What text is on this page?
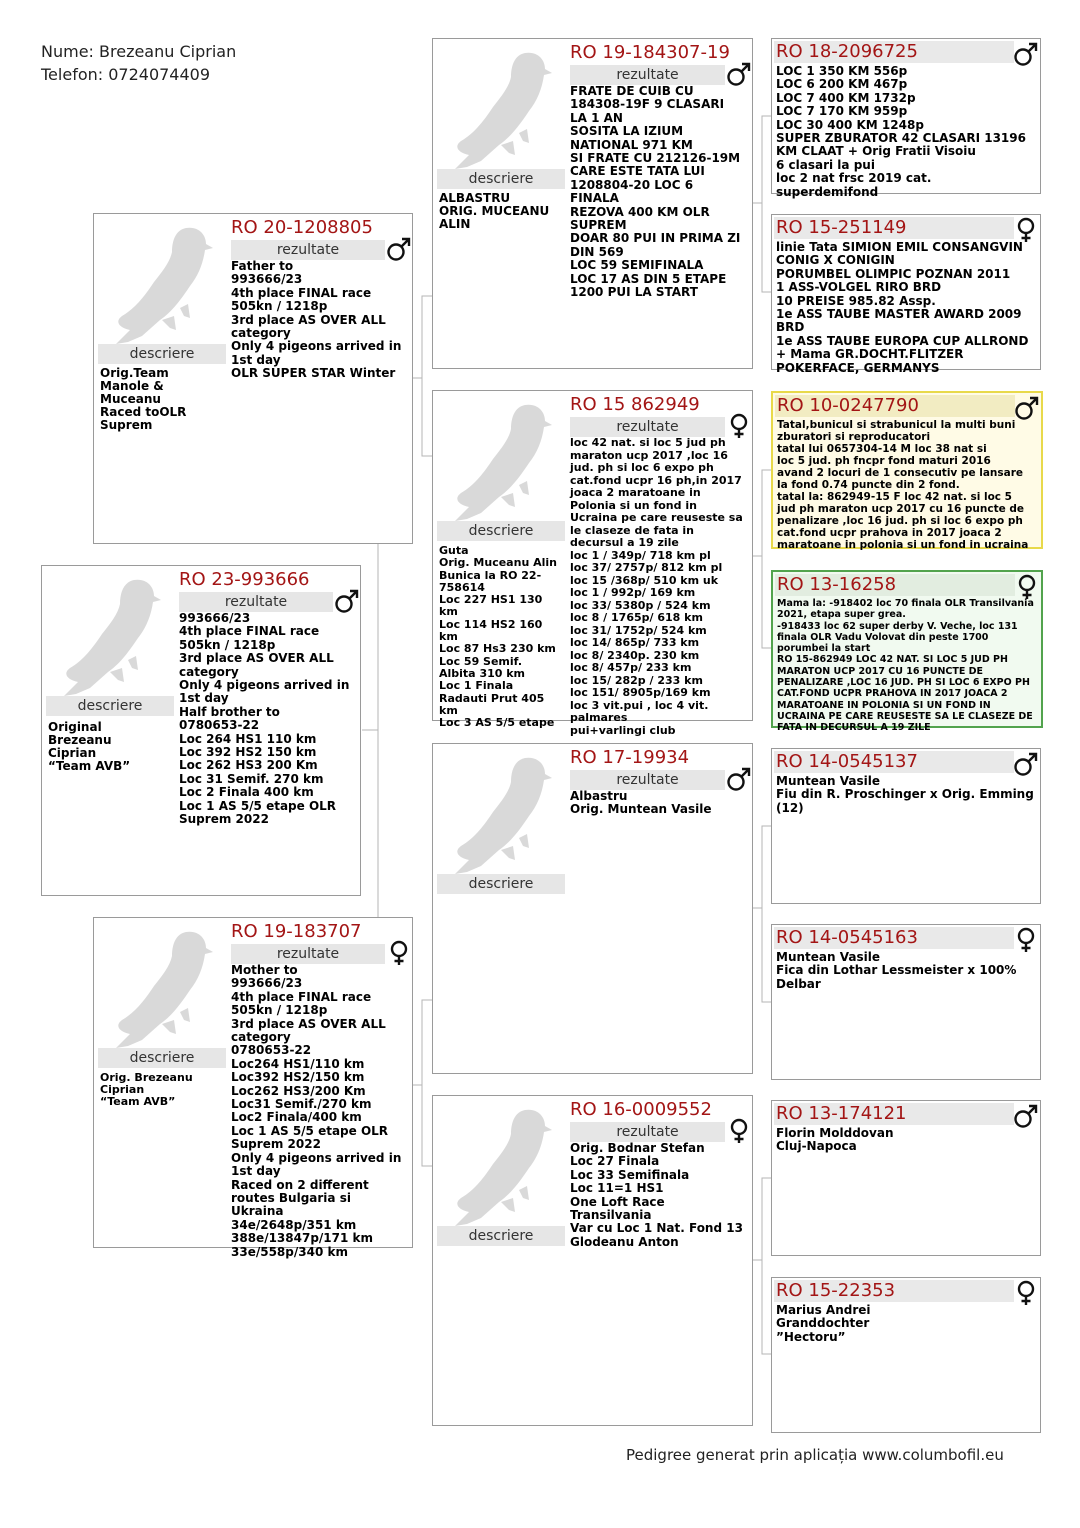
Nume: Brezeanu Ciprian
Telefon: 0724074409
descriere
Orig.Team
Manole &
Muceanu
Raced toOLR
Suprem
RO 20-1208805
rezultate
Father to
993666/23
4th place FINAL race
505kn / 1218p
3rd place AS OVER ALL
category
Only 4 pigeons arrived in
1st day
OLR SUPER STAR Winter
descriere
Original
Brezeanu
Ciprian
“Team AVB”
RO 23-993666
rezultate
993666/23
4th place FINAL race
505kn / 1218p
3rd place AS OVER ALL
category
Only 4 pigeons arrived in
1st day
Half brother to
0780653-22
Loc 264 HS1 110 km
Loc 392 HS2 150 km
Loc 262 HS3 200 Km
Loc 31 Semif. 270 km
Loc 2 Finala 400 km
Loc 1 AS 5/5 etape OLR
Suprem 2022
descriere
Orig. Brezeanu
Ciprian
“Team AVB”
RO 19-183707
rezultate
Mother to
993666/23
4th place FINAL race
505kn / 1218p
3rd place AS OVER ALL
category
0780653-22
Loc264 HS1/110 km
Loc392 HS2/150 km
Loc262 HS3/200 Km
Loc31 Semif./270 km
Loc2 Finala/400 km
Loc 1 AS 5/5 etape OLR
Suprem 2022
Only 4 pigeons arrived in
1st day
Raced on 2 different
routes Bulgaria si
Ukraina
34e/2648p/351 km
388e/13847p/171 km
33e/558p/340 km
descriere
ALBASTRU
ORIG. MUCEANU
ALIN
RO 19-184307-19
rezultate
FRATE DE CUIB CU
184308-19F 9 CLASARI
LA 1 AN
SOSITA LA IZIUM
NATIONAL 971 KM
SI FRATE CU 212126-19M
CARE ESTE TATA LUI
1208804-20 LOC 6
FINALA
REZOVA 400 KM OLR
SUPREM
DOAR 80 PUI IN PRIMA ZI
DIN 569
LOC 59 SEMIFINALA
LOC 17 AS DIN 5 ETAPE
1200 PUI LA START
descriere
Guta
Orig. Muceanu Alin
Bunica la RO 22-
758614
Loc 227 HS1 130
km
Loc 114 HS2 160
km
Loc 87 Hs3 230 km
Loc 59 Semif.
Albita 310 km
Loc 1 Finala
Radauti Prut 405
km
Loc 3 AS 5/5 etape
RO 15 862949
rezultate
loc 42 nat. si loc 5 jud ph
maraton ucp 2017 ,loc 16
jud. ph si loc 6 expo ph
cat.fond ucpr 16 ph,in 2017
joaca 2 maratoane in
Polonia si un fond in
Ucraina pe care reuseste sa
le claseze de fata in
decursul a 19 zile
loc 1 / 349p/ 718 km pl
loc 37/ 2757p/ 812 km pl
loc 15 /368p/ 510 km uk
loc 1 / 992p/ 169 km
loc 33/ 5380p / 524 km
loc 8 / 1765p/ 618 km
loc 31/ 1752p/ 524 km
loc 14/ 865p/ 733 km
loc 8/ 2340p. 230 km
loc 8/ 457p/ 233 km
loc 15/ 282p / 233 km
loc 151/ 8905p/169 km
loc 3 vit.pui , loc 4 vit.
palmares
pui+varlingi club
descriere
RO 17-19934
rezultate
Albastru
Orig. Muntean Vasile
descriere
RO 16-0009552
rezultate
Orig. Bodnar Stefan
Loc 27 Finala
Loc 33 Semifinala
Loc 11=1 HS1
One Loft Race
Transilvania
Var cu Loc 1 Nat. Fond 13
Glodeanu Anton
RO 18-2096725
LOC 1 350 KM 556p
LOC 6 200 KM 467p
LOC 7 400 KM 1732p
LOC 7 170 KM 959p
LOC 30 400 KM 1248p
SUPER ZBURATOR 42 CLASARI 13196
KM CLAAT + Orig Fratii Visoiu
6 clasari la pui
loc 2 nat frsc 2019 cat.
superdemifond
RO 15-251149
linie Tata SIMION EMIL CONSANGVIN
CONIG X CONIGIN
PORUMBEL OLIMPIC POZNAN 2011
1 ASS-VOLGEL RIRO BRD
10 PREISE 985.82 Assp.
1e ASS TAUBE MASTER AWARD 2009
BRD
1e ASS TAUBE EUROPA CUP ALLROND
+ Mama GR.DOCHT.FLITZER
POKERFACE, GERMANYS
RO 10-0247790
Tatal,bunicul si strabunicul la multi buni
zburatori si reproducatori
tatal lui 0657304-14 M loc 38 nat si
loc 5 jud. ph fncpr fond maturi 2016
avand 2 locuri de 1 consecutiv pe lansare
la fond 0.74 puncte din 2 fond.
tatal la: 862949-15 F loc 42 nat. si loc 5
jud ph maraton ucp 2017 cu 16 puncte de
penalizare ,loc 16 jud. ph si loc 6 expo ph
cat.fond ucpr prahova in 2017 joaca 2
maratoane in polonia si un fond in ucraina
RO 13-16258
Mama la: -918402 loc 70 finala OLR Transilvania
2021, etapa super grea.
-918433 loc 62 super derby V. Veche, loc 131
finala OLR Vadu Volovat din peste 1700
porumbei la start
RO 15-862949 LOC 42 NAT. SI LOC 5 JUD PH
MARATON UCP 2017 CU 16 PUNCTE DE
PENALIZARE ,LOC 16 JUD. PH SI LOC 6 EXPO PH
CAT.FOND UCPR PRAHOVA IN 2017 JOACA 2
MARATOANE IN POLONIA SI UN FOND IN
UCRAINA PE CARE REUSESTE SA LE CLASEZE DE
FATA IN DECURSUL A 19 ZILE
RO 14-0545137
Muntean Vasile
Fiu din R. Proschinger x Orig. Emming
(12)
RO 14-0545163
Muntean Vasile
Fica din Lothar Lessmeister x 100%
Delbar
RO 13-174121
Florin Molddovan
Cluj-Napoca
RO 15-22353
Marius Andrei
Granddochter
”Hectoru”
Pedigree generat prin aplicația www.columbofil.eu
